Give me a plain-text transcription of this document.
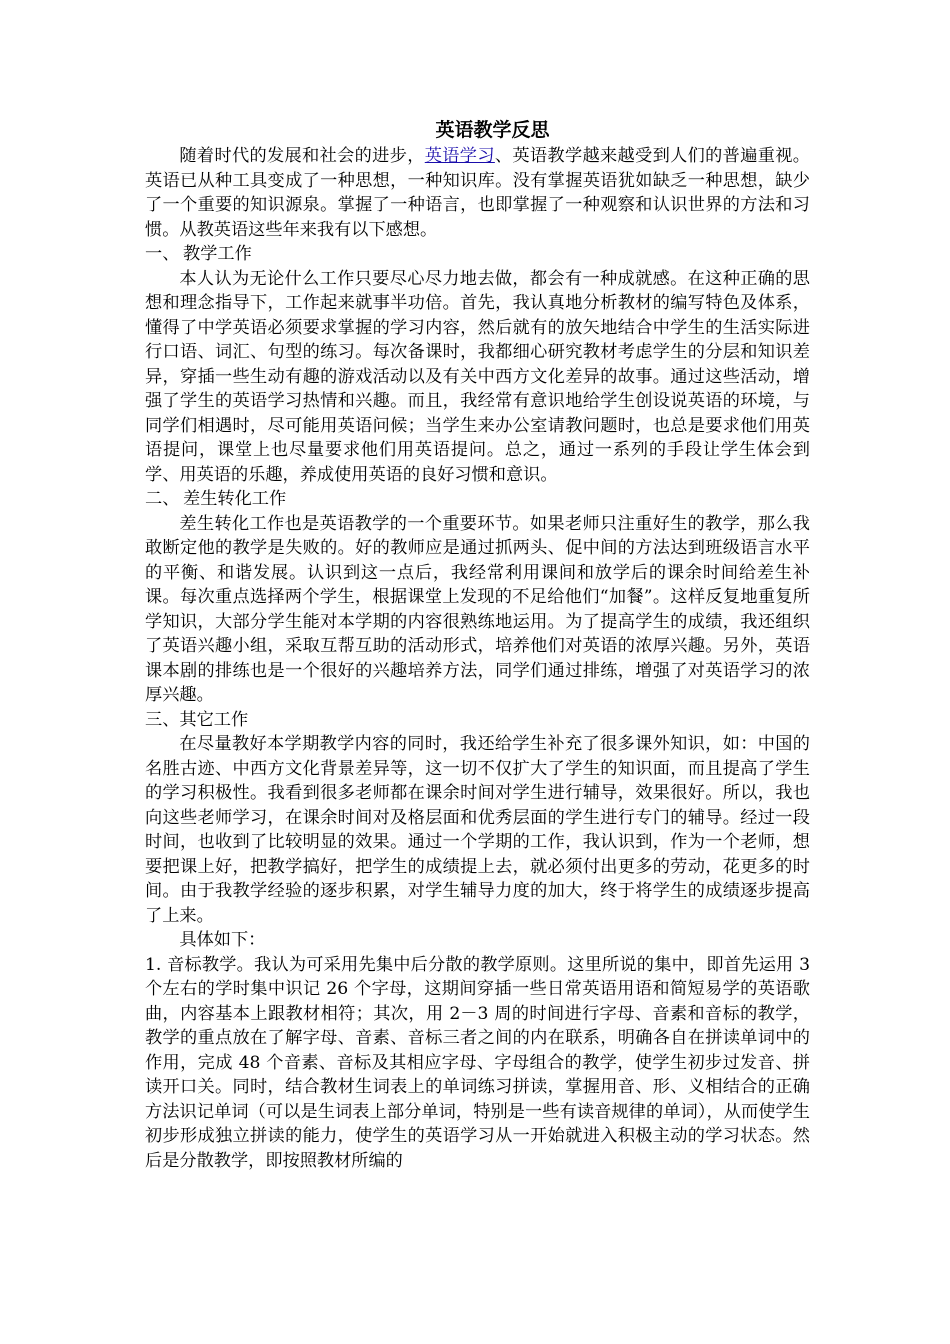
英语教学反思

随着时代的发展和社会的进步，英语学习、英语教学越来越受到人们的普遍重视。英语已从种工具变成了一种思想，一种知识库。没有掌握英语犹如缺乏一种思想，缺少了一个重要的知识源泉。掌握了一种语言，也即掌握了一种观察和认识世界的方法和习惯。从教英语这些年来我有以下感想。

一、 教学工作

本人认为无论什么工作只要尽心尽力地去做，都会有一种成就感。在这种正确的思想和理念指导下，工作起来就事半功倍。首先，我认真地分析教材的编写特色及体系，懂得了中学英语必须要求掌握的学习内容，然后就有的放矢地结合中学生的生活实际进行口语、词汇、句型的练习。每次备课时，我都细心研究教材考虑学生的分层和知识差异，穿插一些生动有趣的游戏活动以及有关中西方文化差异的故事。通过这些活动，增强了学生的英语学习热情和兴趣。而且，我经常有意识地给学生创设说英语的环境，与同学们相遇时，尽可能用英语问候；当学生来办公室请教问题时，也总是要求他们用英语提问，课堂上也尽量要求他们用英语提问。总之，通过一系列的手段让学生体会到学、用英语的乐趣，养成使用英语的良好习惯和意识。

二、 差生转化工作

差生转化工作也是英语教学的一个重要环节。如果老师只注重好生的教学，那么我敢断定他的教学是失败的。好的教师应是通过抓两头、促中间的方法达到班级语言水平的平衡、和谐发展。认识到这一点后，我经常利用课间和放学后的课余时间给差生补课。每次重点选择两个学生，根据课堂上发现的不足给他们“加餐”。这样反复地重复所学知识，大部分学生能对本学期的内容很熟练地运用。为了提高学生的成绩，我还组织了英语兴趣小组，采取互帮互助的活动形式，培养他们对英语的浓厚兴趣。另外，英语课本剧的排练也是一个很好的兴趣培养方法，同学们通过排练，增强了对英语学习的浓厚兴趣。

三、其它工作

在尽量教好本学期教学内容的同时，我还给学生补充了很多课外知识，如：中国的名胜古迹、中西方文化背景差异等，这一切不仅扩大了学生的知识面，而且提高了学生的学习积极性。我看到很多老师都在课余时间对学生进行辅导，效果很好。所以，我也向这些老师学习，在课余时间对及格层面和优秀层面的学生进行专门的辅导。经过一段时间，也收到了比较明显的效果。通过一个学期的工作，我认识到，作为一个老师，想要把课上好，把教学搞好，把学生的成绩提上去，就必须付出更多的劳动，花更多的时间。由于我教学经验的逐步积累，对学生辅导力度的加大，终于将学生的成绩逐步提高了上来。

具体如下：

1. 音标教学。我认为可采用先集中后分散的教学原则。这里所说的集中，即首先运用 3 个左右的学时集中识记 26 个字母，这期间穿插一些日常英语用语和简短易学的英语歌曲，内容基本上跟教材相符；其次，用 2－3 周的时间进行字母、音素和音标的教学，教学的重点放在了解字母、音素、音标三者之间的内在联系，明确各自在拼读单词中的作用，完成 48 个音素、音标及其相应字母、字母组合的教学，使学生初步过发音、拼读开口关。同时，结合教材生词表上的单词练习拼读，掌握用音、形、义相结合的正确方法识记单词（可以是生词表上部分单词，特别是一些有读音规律的单词），从而使学生初步形成独立拼读的能力，使学生的英语学习从一开始就进入积极主动的学习状态。然后是分散教学，即按照教材所编的
